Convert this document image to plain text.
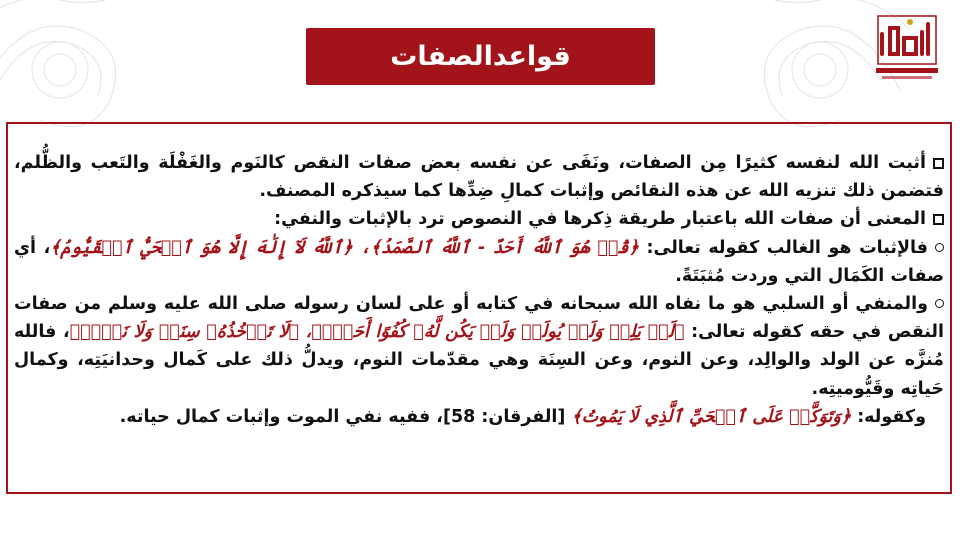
قواعدالصفات

أثبت الله لنفسه كثيرًا مِن الصفات، ونَفَى عن نفسه بعض صفات النقص كالنَوم والغَفْلَة والتَعب والظُّلم، فتضمن ذلك تنزيه الله عن هذه النقائص وإثبات كمالِ ضِدِّها كما سيذكره المصنف.

المعنى أن صفات الله باعتبار طريقة ذِكرها في النصوص ترد بالإثبات والنفي:

فالإثبات هو الغالب كقوله تعالى: ﴿قُلۡ هُوَ ٱللَّهُ أَحَدٌ ‐ ٱللَّهُ ٱلصَّمَدُ﴾، ﴿ٱللَّهُ لَآ إِلَٰهَ إِلَّا هُوَ ٱلۡحَيُّ ٱلۡقَيُّومُ﴾، أي صفات الكَمَال التي وردت مُثبَتَةً.

والمنفي أو السلبي هو ما نفاه الله سبحانه في كتابه أو على لسان رسوله صلى الله عليه وسلم من صفات النقص في حقه كقوله تعالى: ﴿لَمۡ يَلِدۡ وَلَمۡ يُولَدۡ وَلَمۡ يَكُن لَّهُۥ كُفُوًا أَحَدُۢ﴾، ﴿لَا تَأۡخُذُهُۥ سِنَةٞ وَلَا نَوۡمٞ﴾، فالله مُنزَّه عن الولد والوالِد، وعن النوم، وعن السِنَة وهي مقدّمات النوم، ويدلُّ ذلك على كَمال وحدانيَتِه، وكمال حَياتِه وقَيُّوميتِه.

وكقوله: ﴿وَتَوَكَّلۡ عَلَى ٱلۡحَيِّ ٱلَّذِي لَا يَمُوتُ﴾ [الفرقان: 58]، ففيه نفي الموت وإثبات كمال حياته.
